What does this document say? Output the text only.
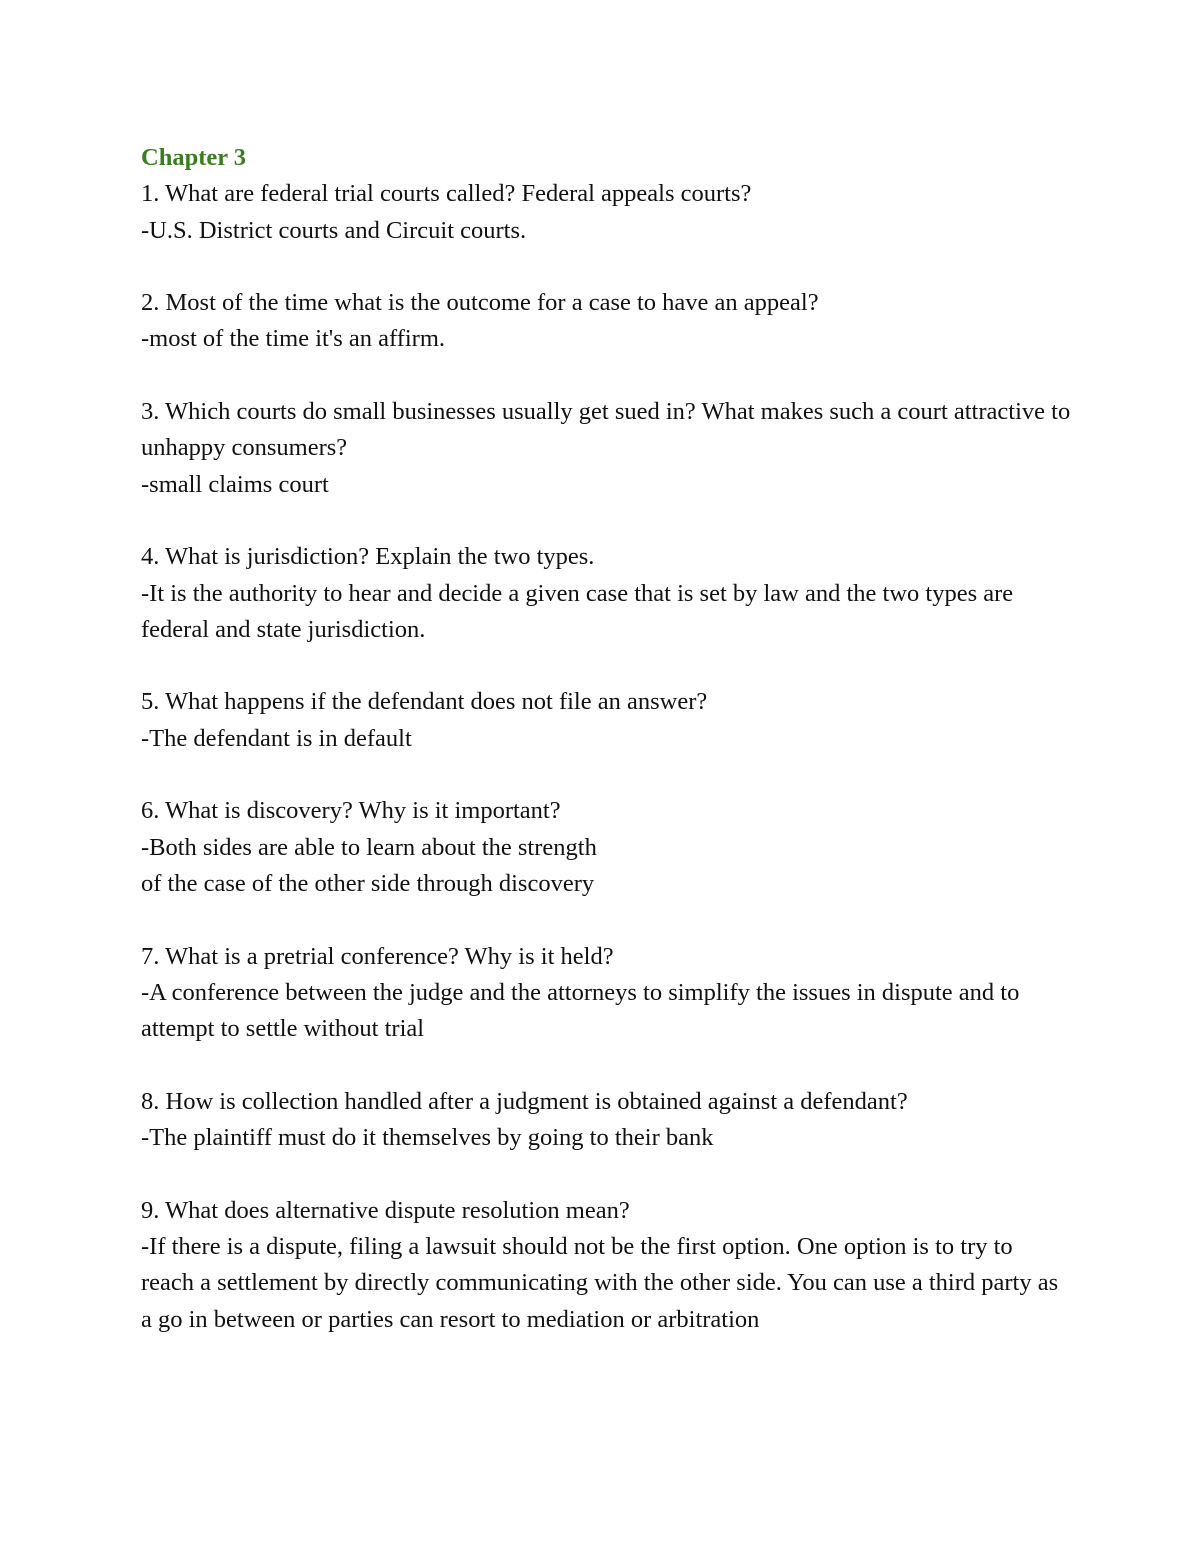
Chapter 3

1. What are federal trial courts called? Federal appeals courts?

-U.S. District courts and Circuit courts.

2. Most of the time what is the outcome for a case to have an appeal?

-most of the time it's an affirm.

3. Which courts do small businesses usually get sued in? What makes such a court attractive to unhappy consumers?

-small claims court

4. What is jurisdiction? Explain the two types.

-It is the authority to hear and decide a given case that is set by law and the two types are federal and state jurisdiction.

5. What happens if the defendant does not file an answer?

-The defendant is in default

6. What is discovery? Why is it important?

-Both sides are able to learn about the strength

of the case of the other side through discovery

7. What is a pretrial conference? Why is it held?

-A conference between the judge and the attorneys to simplify the issues in dispute and to attempt to settle without trial

8. How is collection handled after a judgment is obtained against a defendant?

-The plaintiff must do it themselves by going to their bank

9. What does alternative dispute resolution mean?

-If there is a dispute, filing a lawsuit should not be the first option. One option is to try to reach a settlement by directly communicating with the other side. You can use a third party as a go in between or parties can resort to mediation or arbitration
